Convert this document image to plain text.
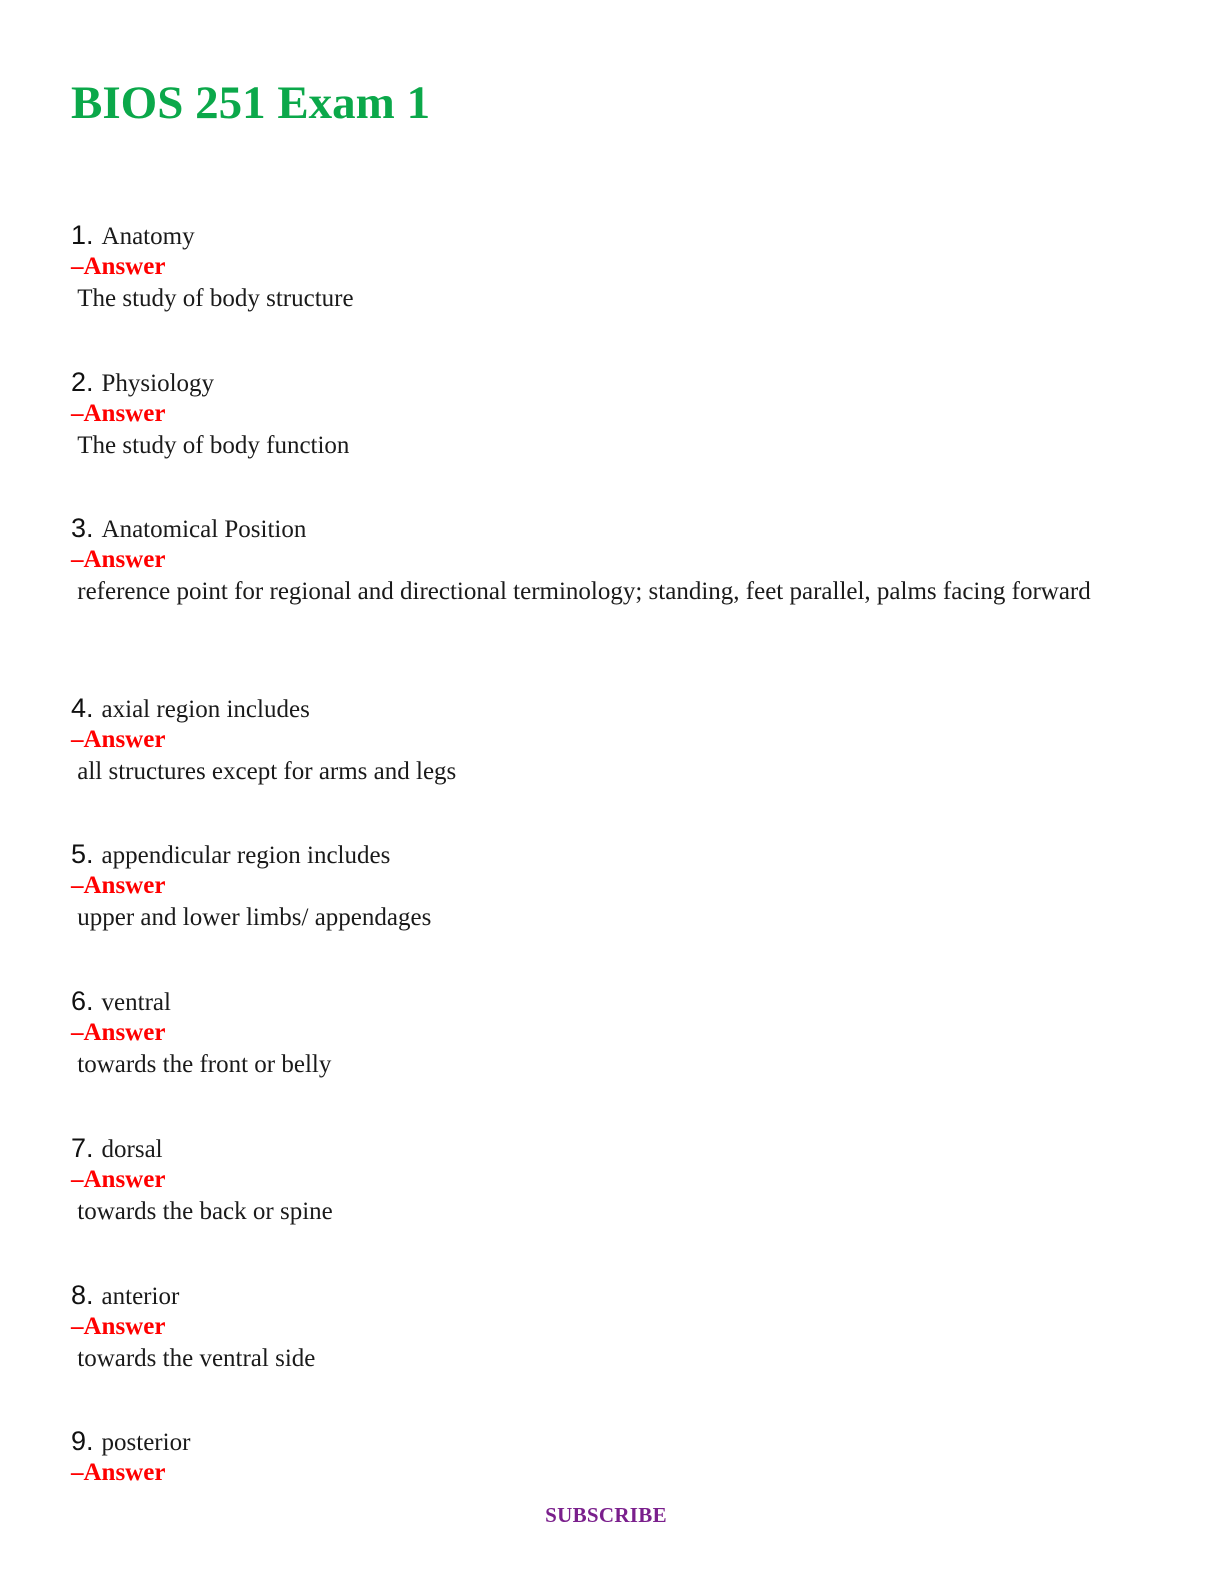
BIOS 251 Exam 1
1. Anatomy
–Answer

The study of body structure

2. Physiology
–Answer

The study of body function

3. Anatomical Position
–Answer

reference point for regional and directional terminology; standing, feet parallel, palms facing forward

4. axial region includes
–Answer

all structures except for arms and legs

5. appendicular region includes
–Answer

upper and lower limbs/ appendages

6. ventral
–Answer

towards the front or belly

7. dorsal
–Answer

towards the back or spine

8. anterior
–Answer

towards the ventral side

9. posterior
–Answer
SUBSCRIBE
